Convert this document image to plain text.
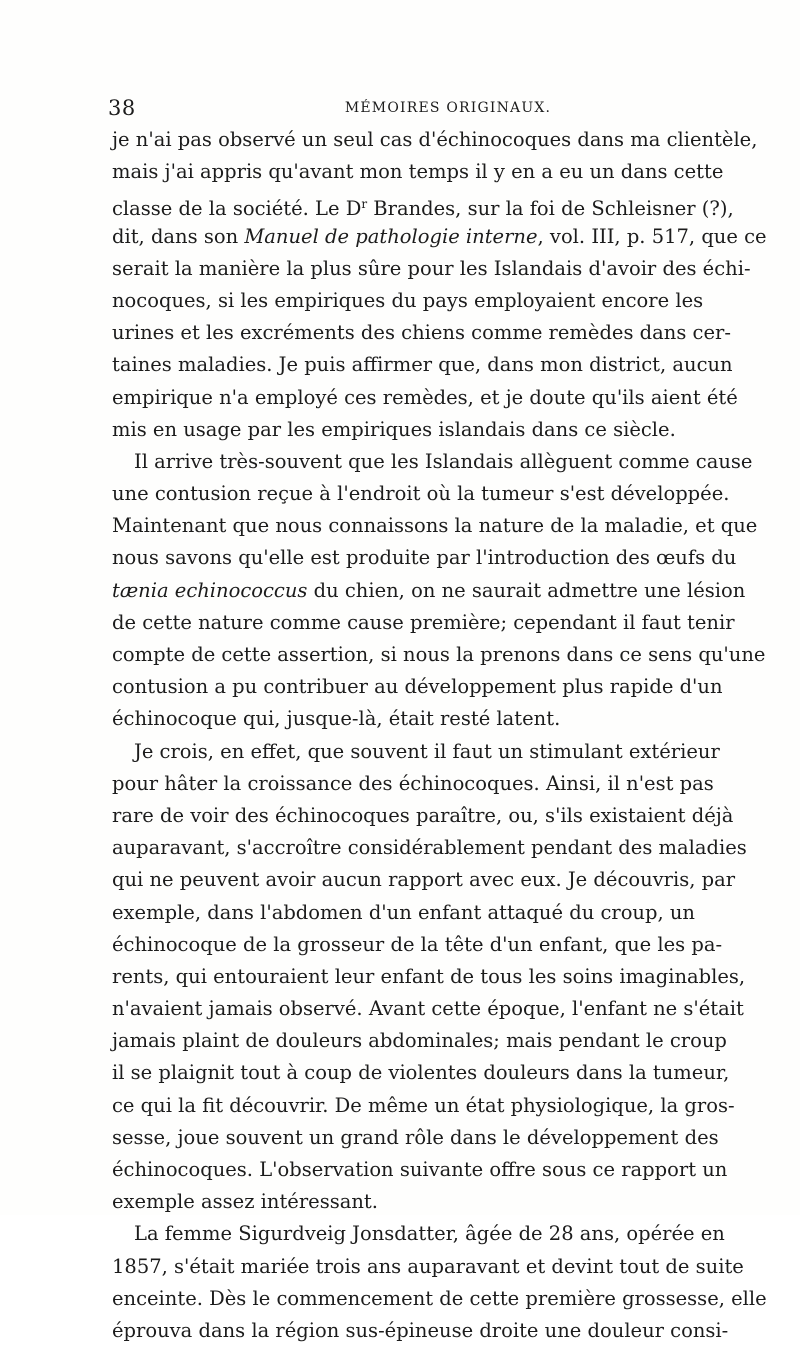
38	MÉMOIRES ORIGINAUX.
je n'ai pas observé un seul cas d'échinocoques dans ma clientèle,
mais j'ai appris qu'avant mon temps il y en a eu un dans cette
classe de la société. Le $D^r$ Brandes, sur la foi de Schleisner (?),
dit, dans son Manuel de pathologie interne, vol. III, p. 517, que ce
serait la manière la plus sûre pour les Islandais d'avoir des échi-
nocoques, si les empiriques du pays employaient encore les
urines et les excréments des chiens comme remèdes dans cer-
taines maladies. Je puis affirmer que, dans mon district, aucun
empirique n'a employé ces remèdes, et je doute qu'ils aient été
mis en usage par les empiriques islandais dans ce siècle.
Il arrive très-souvent que les Islandais allèguent comme cause
une contusion reçue à l'endroit où la tumeur s'est développée.
Maintenant que nous connaissons la nature de la maladie, et que
nous savons qu'elle est produite par l'introduction des œufs du
tænia echinococcus du chien, on ne saurait admettre une lésion
de cette nature comme cause première; cependant il faut tenir
compte de cette assertion, si nous la prenons dans ce sens qu'une
contusion a pu contribuer au développement plus rapide d'un
échinocoque qui, jusque-là, était resté latent.
Je crois, en effet, que souvent il faut un stimulant extérieur
pour hâter la croissance des échinocoques. Ainsi, il n'est pas
rare de voir des échinocoques paraître, ou, s'ils existaient déjà
auparavant, s'accroître considérablement pendant des maladies
qui ne peuvent avoir aucun rapport avec eux. Je découvris, par
exemple, dans l'abdomen d'un enfant attaqué du croup, un
échinocoque de la grosseur de la tête d'un enfant, que les pa-
rents, qui entouraient leur enfant de tous les soins imaginables,
n'avaient jamais observé. Avant cette époque, l'enfant ne s'était
jamais plaint de douleurs abdominales; mais pendant le croup
il se plaignit tout à coup de violentes douleurs dans la tumeur,
ce qui la fit découvrir. De même un état physiologique, la gros-
sesse, joue souvent un grand rôle dans le développement des
échinocoques. L'observation suivante offre sous ce rapport un
exemple assez intéressant.
La femme Sigurdveig Jonsdatter, âgée de 28 ans, opérée en
1857, s'était mariée trois ans auparavant et devint tout de suite
enceinte. Dès le commencement de cette première grossesse, elle
éprouva dans la région sus-épineuse droite une douleur consi-
